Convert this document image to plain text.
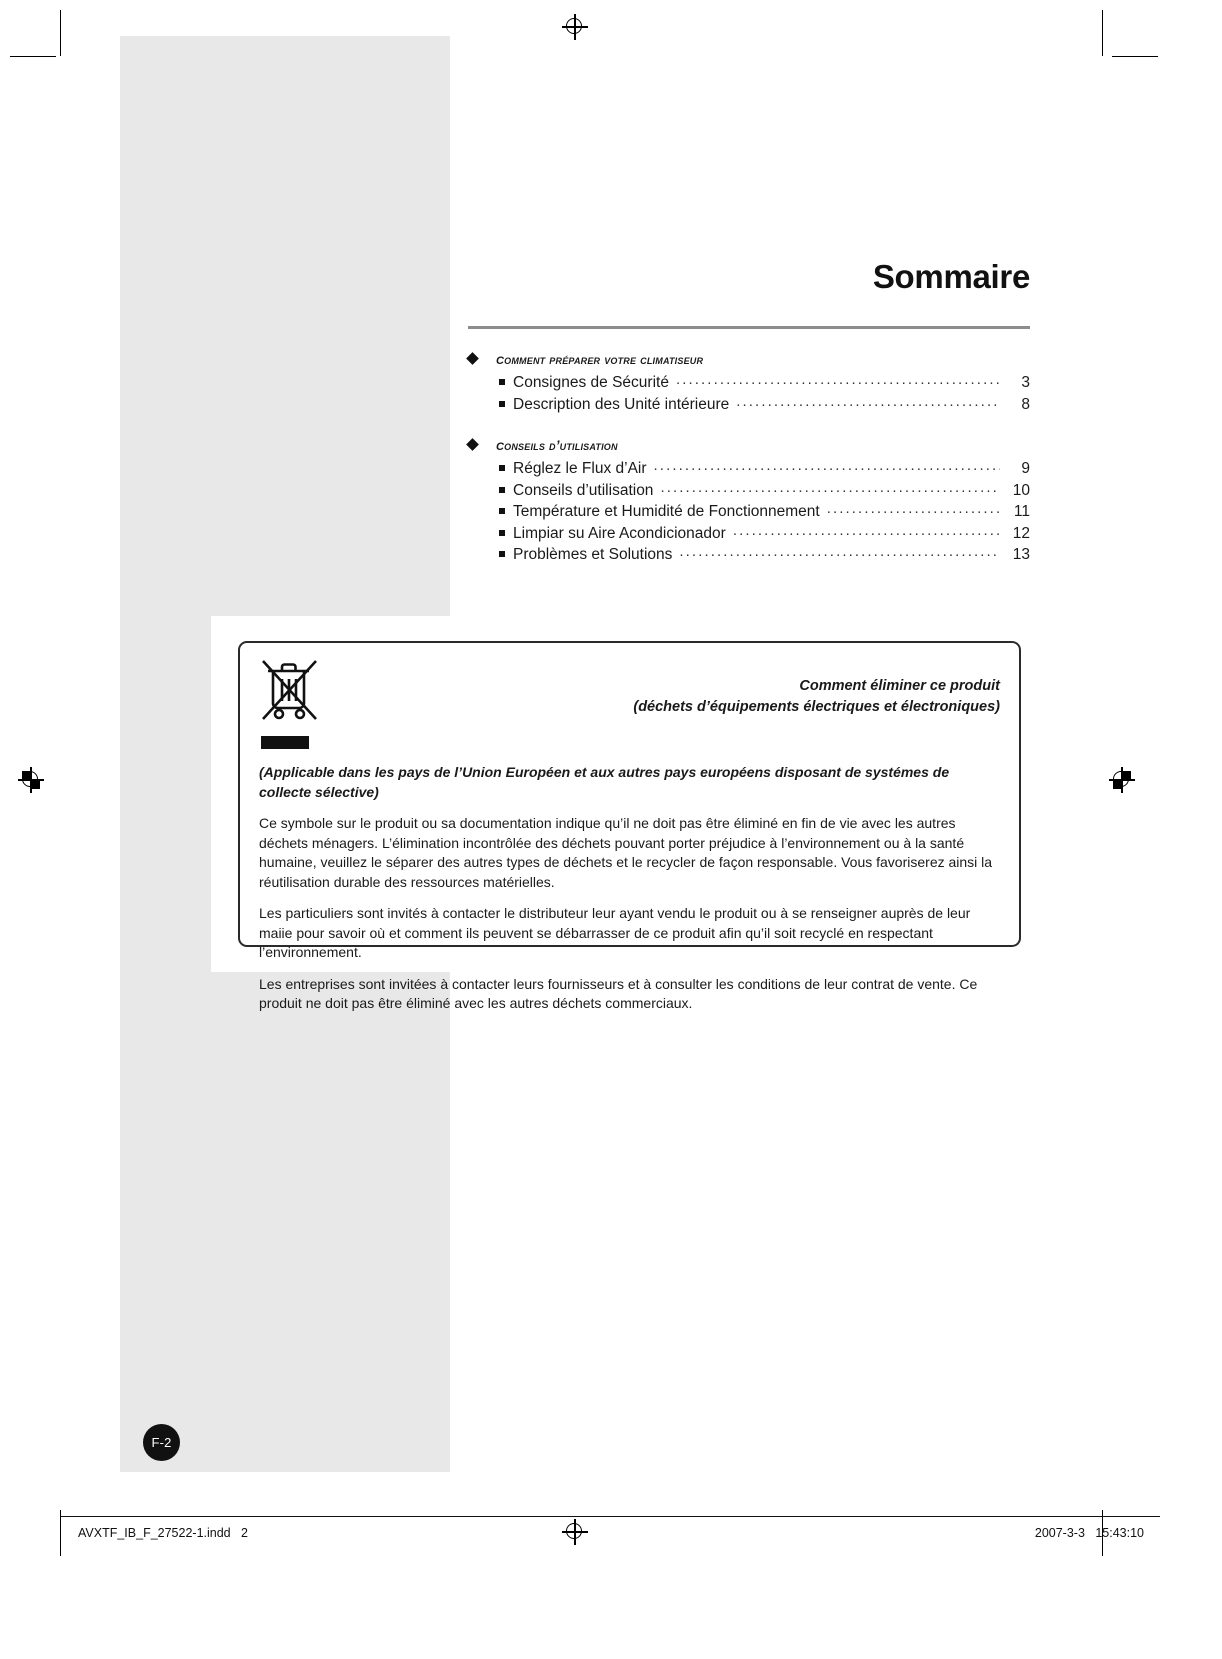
Sommaire
comment préparer votre climatiseur
Consignes de Sécurité .....	3
Description des Unité intérieure .....	8
conseils d’utilisation
Réglez le Flux d’Air .....	9
Conseils d’utilisation .....	10
Température et Humidité de Fonctionnement .....	11
Limpiar su Aire Acondicionador .....	12
Problèmes et Solutions .....	13
Comment éliminer ce produit
(déchets d’équipements électriques et électroniques)
(Applicable dans les pays de l’Union Européen et aux autres pays européens disposant de systémes de collecte sélective)
Ce symbole sur le produit ou sa documentation indique qu’il ne doit pas être éliminé en fin de vie avec les autres déchets ménagers. L’élimination incontrôlée des déchets pouvant porter préjudice à l’environnement ou à la santé humaine, veuillez le séparer des autres types de déchets et le recycler de façon responsable. Vous favoriserez ainsi la réutilisation durable des ressources matérielles.
Les particuliers sont invités à contacter le distributeur leur ayant vendu le produit ou à se renseigner auprès de leur maiie pour savoir où et comment ils peuvent se débarrasser de ce produit afin qu’il soit recyclé en respectant l’environnement.
Les entreprises sont invitées à contacter leurs fournisseurs et à consulter les conditions de leur contrat de vente. Ce produit ne doit pas être éliminé avec les autres déchets commerciaux.
F-2
AVXTF_IB_F_27522-1.indd   2	2007-3-3   15:43:10
